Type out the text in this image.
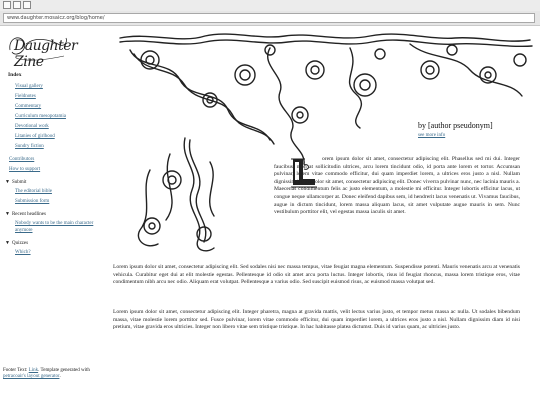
www.daughter.mosaicz.org/blog/home/
Daughter Zine
Index
Visual gallery
Fieldnotes
Commentary
Curriculum mesopotamia
Devotional work
Litanies of girlhood
Sundry fiction
Contributors
How to support
▼ Submit
The editorial bible
Submission form
▼ Recent headlines
Nobody wants to be the main character anymore
▼ Quizzes
Which?
Footer Text: Link. Template generated with petracoair's layout generator.
by [author pseudonym]
see more info

orem ipsum dolor sit amet, consectetur adipiscing elit. Phasellus sed mi dui. Integer faucibus, nibh at sollicitudin ultrices, arcu lorem tincidunt odio, id porta ante lorem et tortor. Accumsan pulvinar, lorem vitae commodo efficitur, dui quam imperdiet lorem, a ultrices eros justo a nisl. Nullam dignissim ipsum dolor sit amet, consectetur adipiscing elit. Donec viverra pulvinar nunc, nec lacinia mauris a. Maecenas condimentum felis ac justo elementum, a molestie mi efficitur. Integer lobortis efficitur lacus, ut congue neque ullamcorper at. Donec eleifend dapibus sem, id hendrerit lacus venenatis ut. Vivamus faucibus, augue in dictum tincidunt, lorem massa aliquam lacus, sit amet vulputate augue mauris in sem. Nunc vestibulum porttitor elit, vel egestas massa iaculis sit amet.

Lorem ipsum dolor sit amet, consectetur adipiscing elit. Sed sodales nisi nec massa tempus, vitae feugiat magna elementum. Suspendisse potenti. Mauris venenatis arcu at venenatis vehicula. Curabitur eget dui at elit molestie egestas. Pellentesque id odio sit amet arcu porta luctus. Integer lobortis, risus id feugiat rhoncus, massa lorem tristique eros, vitae condimentum nibh arcu nec odio. Aliquam erat volutpat. Pellentesque a varius odio. Sed suscipit euismod risus, ac euismod massa volutpat sed.

Lorem ipsum dolor sit amet, consectetur adipiscing elit. Integer pharetra, magna at gravida mattis, velit lectus varius justo, et tempor metus massa ac nulla. Ut sodales bibendum massa, vitae molestie lorem porttitor sed. Fusce pulvinar, lorem vitae commodo efficitur, dui quam imperdiet lorem, a ultrices eros justo a nisl. Nullam dignissim diam id nisi pretium, vitae gravida eros ultricies. Integer non libero vitae sem tristique tristique. In hac habitasse platea dictumst. Duis id varius quam, ac ultricies justo.
